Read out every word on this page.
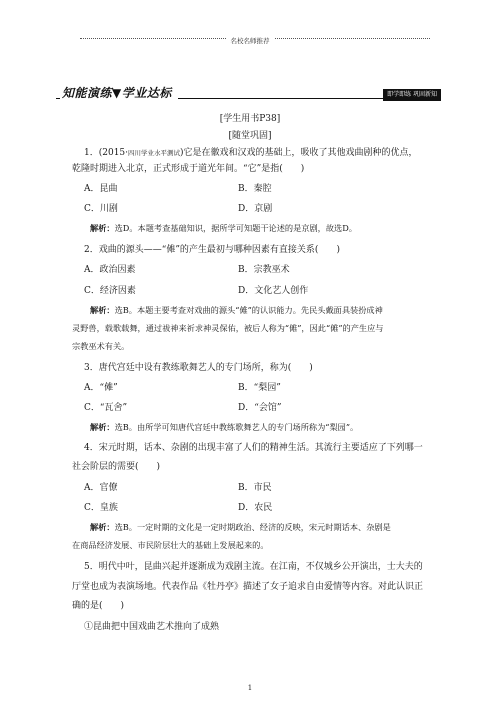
名校名师推荐
知能演练▼学业达标	即学即练 巩固新知
[学生用书P38]
[随堂巩固]
1．(2015·四川学业水平测试)它是在徽戏和汉戏的基础上，吸收了其他戏曲剧种的优点，
乾隆时期进入北京，正式形成于道光年间。“它”是指(　　)
A．昆曲	B．秦腔
C．川剧	D．京剧
解析：选D。本题考查基础知识，据所学可知题干论述的是京剧，故选D。
2．戏曲的源头——“傩”的产生最初与哪种因素有直接关系(　　)
A．政治因素	B．宗教巫术
C．经济因素	D．文化艺人创作
解析：选B。本题主要考查对戏曲的源头“傩”的认识能力。先民头戴面具装扮成神
灵野兽，载歌载舞，通过祓神来祈求神灵保佑，被后人称为“傩”，因此“傩”的产生应与
宗教巫术有关。
3．唐代宫廷中设有教练歌舞艺人的专门场所，称为(　　)
A．“傩”	B．“梨园”
C．“瓦舍”	D．“会馆”
解析：选B。由所学可知唐代宫廷中教练歌舞艺人的专门场所称为“梨园”。
4．宋元时期，话本、杂剧的出现丰富了人们的精神生活。其流行主要适应了下列哪一
社会阶层的需要(　　)
A．官僚	B．市民
C．皇族	D．农民
解析：选B。一定时期的文化是一定时期政治、经济的反映，宋元时期话本、杂剧是
在商品经济发展、市民阶层壮大的基础上发展起来的。
5．明代中叶，昆曲兴起并逐渐成为戏剧主流。在江南，不仅城乡公开演出，士大夫的
厅堂也成为表演场地。代表作品《牡丹亭》描述了女子追求自由爱情等内容。对此认识正
确的是(　　)
①昆曲把中国戏曲艺术推向了成熟
1
